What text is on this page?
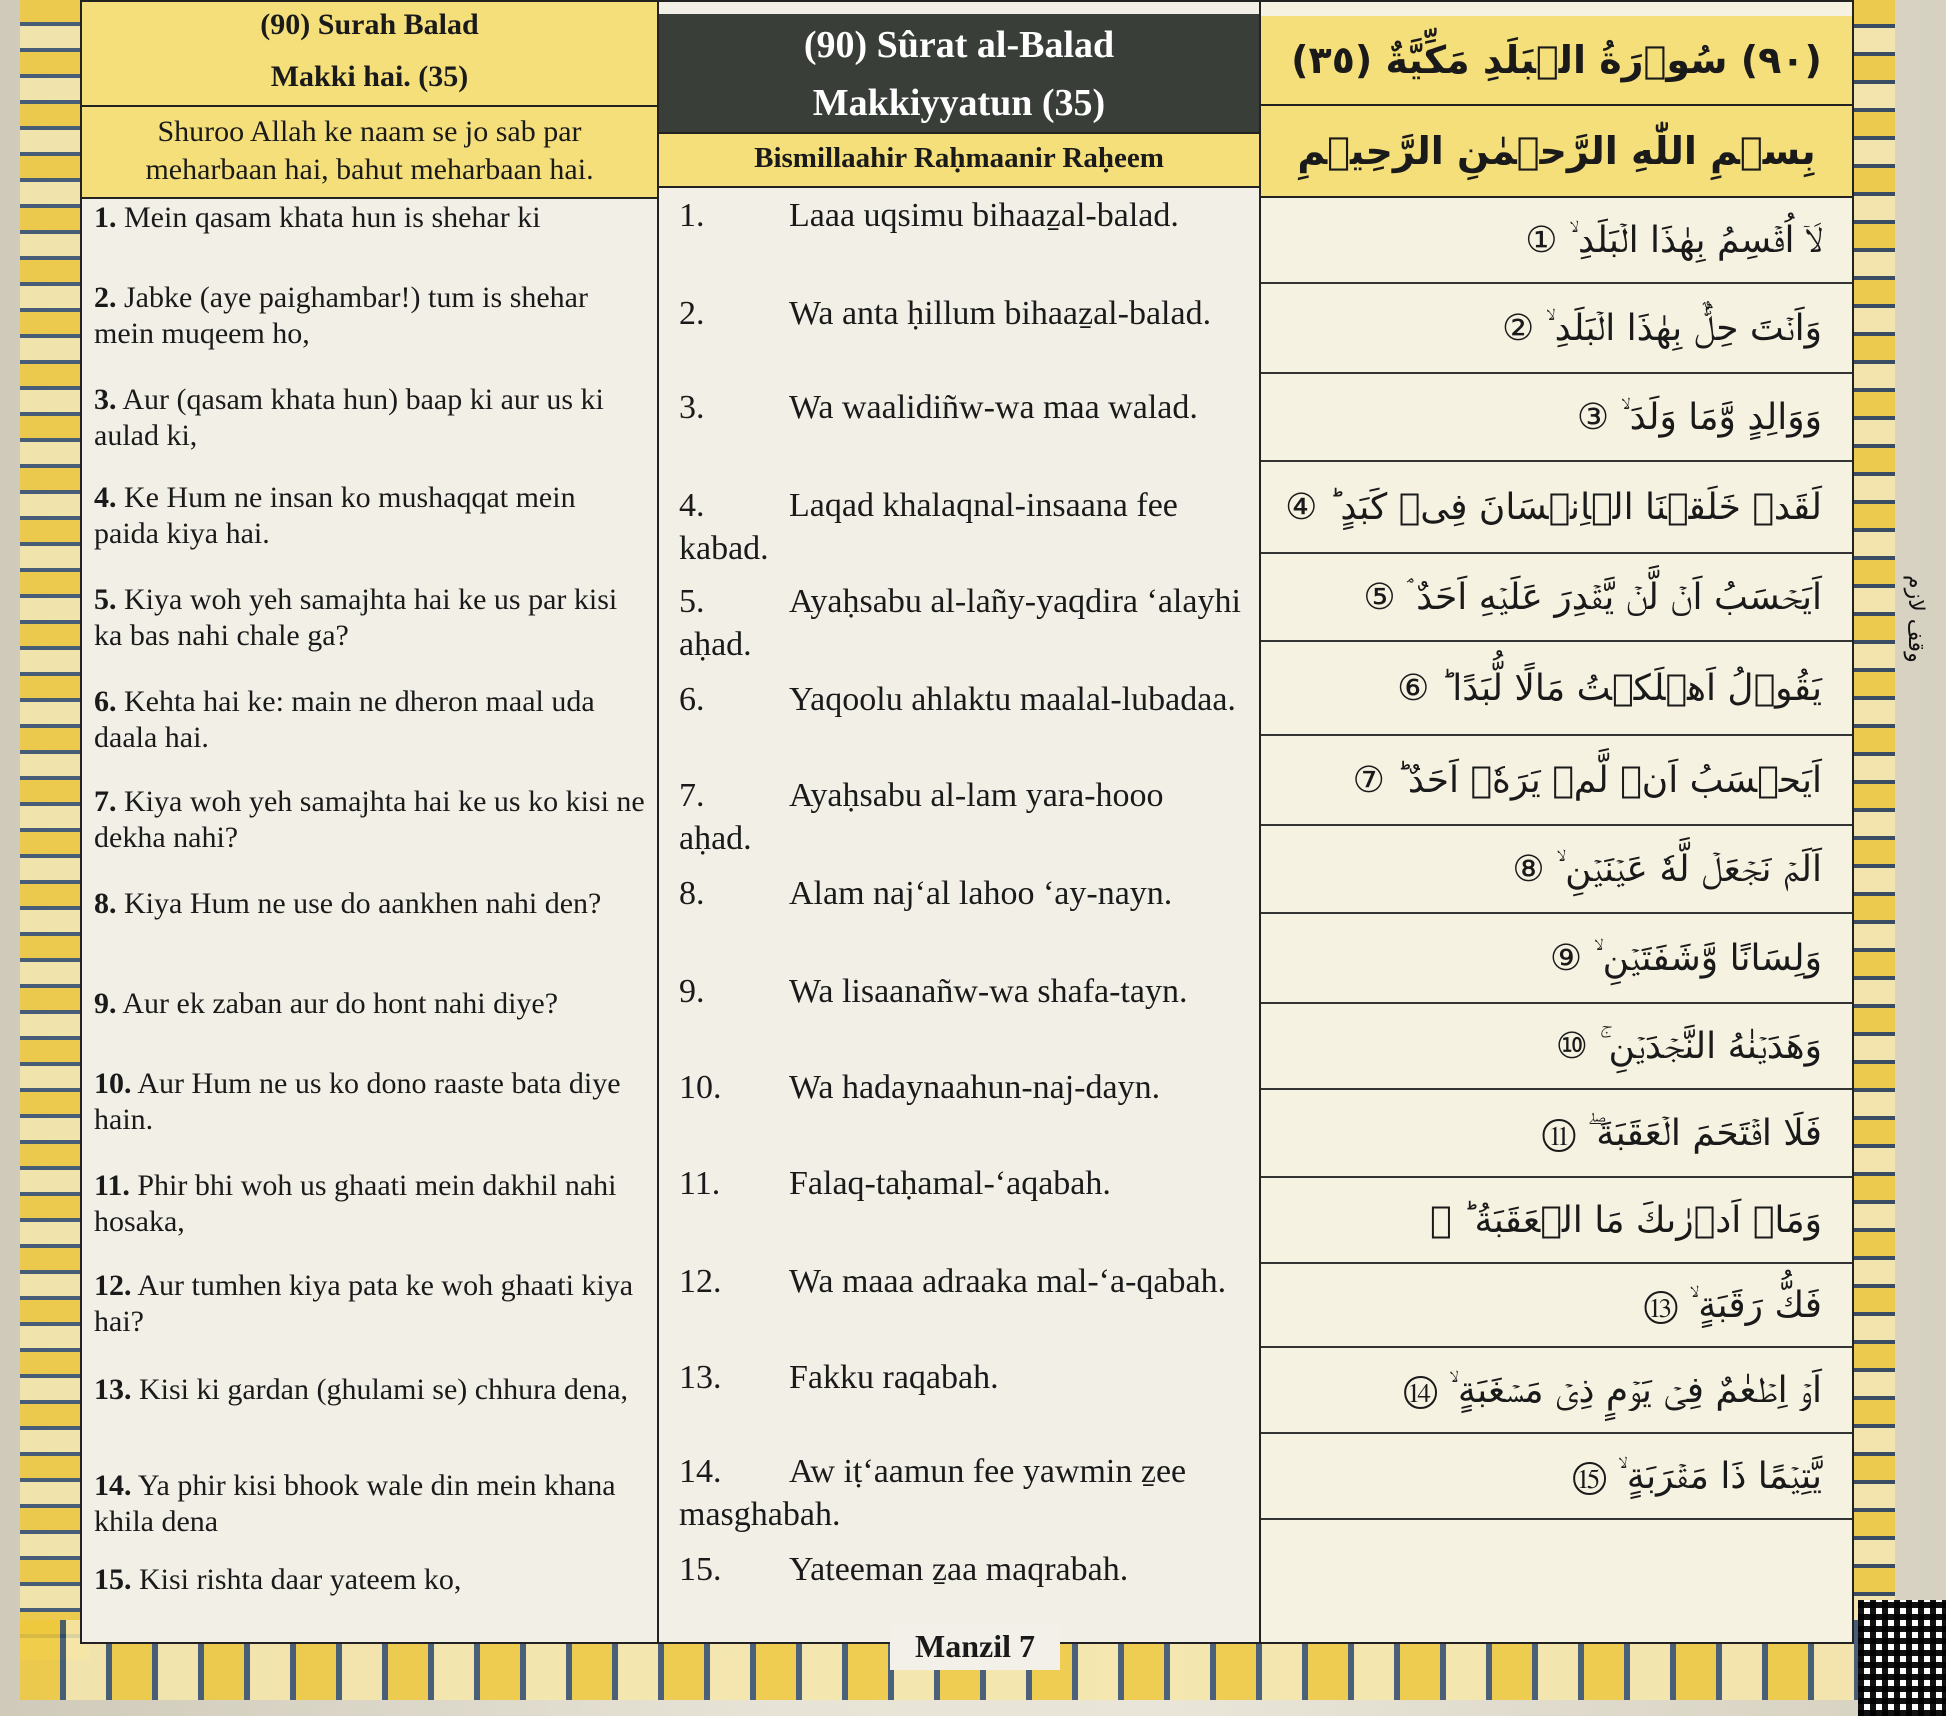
(90) Surah Balad
Makki hai. (35)
Shuroo Allah ke naam se jo sab par
meharbaan hai, bahut meharbaan hai.
1. Mein qasam khata hun is shehar ki
2. Jabke (aye paighambar!) tum is shehar mein muqeem ho,
3. Aur (qasam khata hun) baap ki aur us ki aulad ki,
4. Ke Hum ne insan ko mushaqqat mein paida kiya hai.
5. Kiya woh yeh samajhta hai ke us par kisi ka bas nahi chale ga?
6. Kehta hai ke: main ne dheron maal uda daala hai.
7. Kiya woh yeh samajhta hai ke us ko kisi ne dekha nahi?
8. Kiya Hum ne use do aankhen nahi den?
9. Aur ek zaban aur do hont nahi diye?
10. Aur Hum ne us ko dono raaste bata diye hain.
11. Phir bhi woh us ghaati mein dakhil nahi hosaka,
12. Aur tumhen kiya pata ke woh ghaati kiya hai?
13. Kisi ki gardan (ghulami se) chhura dena,
14. Ya phir kisi bhook wale din mein khana khila dena
15. Kisi rishta daar yateem ko,
(90) Sûrat al-Balad
Makkiyyatun (35)
Bismillaahir Raḥmaanir Raḥeem
1. Laaa uqsimu bihaaẕal-balad.
2. Wa anta ḥillum bihaaẕal-balad.
3. Wa waalidiñw-wa maa walad.
4. Laqad khalaqnal-insaana fee kabad.
5. Ayaḥsabu al-lañy-yaqdira ‘alayhi aḥad.
6. Yaqoolu ahlaktu maalal-lubadaa.
7. Ayaḥsabu al-lam yara-hooo aḥad.
8. Alam naj‘al lahoo ‘ay-nayn.
9. Wa lisaanañw-wa shafa-tayn.
10. Wa hadaynaahun-naj-dayn.
11. Falaq-taḥamal-‘aqabah.
12. Wa maaa adraaka mal-‘a-qabah.
13. Fakku raqabah.
14. Aw iṭ‘aamun fee yawmin ẕee masghabah.
15. Yateeman ẕaa maqrabah.
(٩٠) سُوۡرَةُ الۡبَلَدِ مَكِّيَّةٌ (٣٥)
بِسۡمِ اللّٰهِ الرَّحۡمٰنِ الرَّحِيۡمِ
لَاۤ اُقۡسِمُ بِهٰذَا الۡبَلَدِ ۙ ①
وَاَنۡتَ حِلٌّۢ بِهٰذَا الۡبَلَدِ ۙ ②
وَوَالِدٍ وَّمَا وَلَدَ ۙ ③
لَقَدۡ خَلَقۡنَا الۡاِنۡسَانَ فِىۡ كَبَدٍ ؕ ④
اَيَحۡسَبُ اَنۡ لَّنۡ يَّقۡدِرَ عَلَيۡهِ اَحَدٌ ۘ ⑤
يَقُوۡلُ اَهۡلَكۡتُ مَالًا لُّبَدًا ؕ ⑥
اَيَحۡسَبُ اَنۡ لَّمۡ يَرَهٗۤ اَحَدٌ ؕ ⑦
اَلَمۡ نَجۡعَلۡ لَّهٗ عَيۡنَيۡنِ ۙ ⑧
وَلِسَانًا وَّشَفَتَيۡنِ ۙ ⑨
وَهَدَيۡنٰهُ النَّجۡدَيۡنِ ۚ ⑩
فَلَا اقۡتَحَمَ الۡعَقَبَةَ ۖ ⑪
وَمَاۤ اَدۡرٰٮكَ مَا الۡعَقَبَةُ ؕ ⑫
فَكُّ رَقَبَةٍ ۙ ⑬
اَوۡ اِطۡعٰمٌ فِىۡ يَوۡمٍ ذِىۡ مَسۡغَبَةٍ ۙ ⑭
يَّتِيۡمًا ذَا مَقۡرَبَةٍ ۙ ⑮
Manzil 7
وقف لازم
